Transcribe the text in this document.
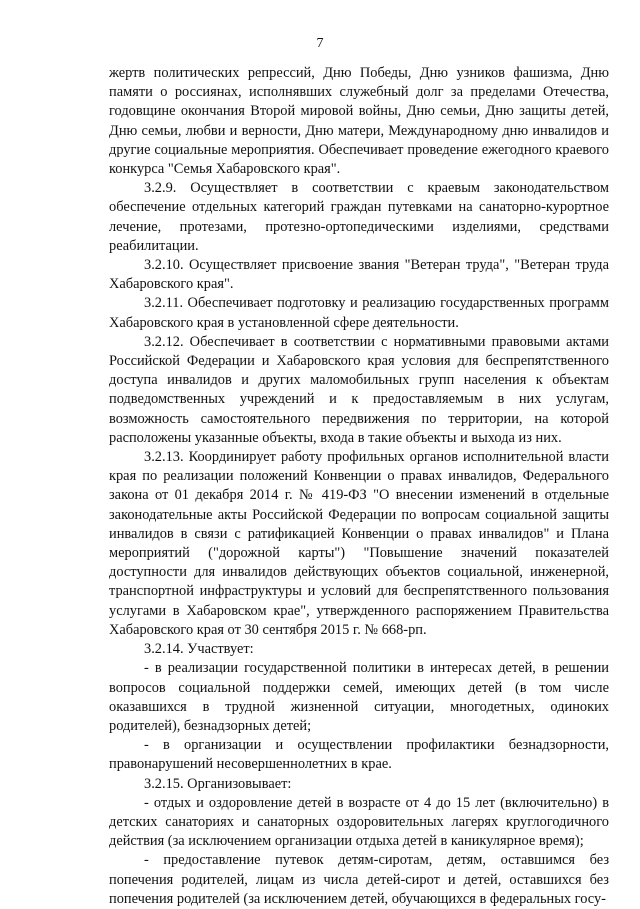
7

жертв политических репрессий, Дню Победы, Дню узников фашизма, Дню памяти о россиянах, исполнявших служебный долг за пределами Отечества, годовщине окончания Второй мировой войны, Дню семьи, Дню защиты детей, Дню семьи, любви и верности, Дню матери, Международному дню инвалидов и другие социальные мероприятия. Обеспечивает проведение ежегодного краевого конкурса "Семья Хабаровского края".

3.2.9. Осуществляет в соответствии с краевым законодательством обеспечение отдельных категорий граждан путевками на санаторно-курортное лечение, протезами, протезно-ортопедическими изделиями, средствами реабилитации.

3.2.10. Осуществляет присвоение звания "Ветеран труда", "Ветеран труда Хабаровского края".

3.2.11. Обеспечивает подготовку и реализацию государственных программ Хабаровского края в установленной сфере деятельности.

3.2.12. Обеспечивает в соответствии с нормативными правовыми актами Российской Федерации и Хабаровского края условия для беспрепятственного доступа инвалидов и других маломобильных групп населения к объектам подведомственных учреждений и к предоставляемым в них услугам, возможность самостоятельного передвижения по территории, на которой расположены указанные объекты, входа в такие объекты и выхода из них.

3.2.13. Координирует работу профильных органов исполнительной власти края по реализации положений Конвенции о правах инвалидов, Федерального закона от 01 декабря 2014 г. № 419-ФЗ "О внесении изменений в отдельные законодательные акты Российской Федерации по вопросам социальной защиты инвалидов в связи с ратификацией Конвенции о правах инвалидов" и Плана мероприятий ("дорожной карты") "Повышение значений показателей доступности для инвалидов действующих объектов социальной, инженерной, транспортной инфраструктуры и условий для беспрепятственного пользования услугами в Хабаровском крае", утвержденного распоряжением Правительства Хабаровского края от 30 сентября 2015 г. № 668-рп.

3.2.14. Участвует:

- в реализации государственной политики в интересах детей, в решении вопросов социальной поддержки семей, имеющих детей (в том числе оказавшихся в трудной жизненной ситуации, многодетных, одиноких родителей), безнадзорных детей;

- в организации и осуществлении профилактики безнадзорности, правонарушений несовершеннолетних в крае.

3.2.15. Организовывает:

- отдых и оздоровление детей в возрасте от 4 до 15 лет (включительно) в детских санаториях и санаторных оздоровительных лагерях круглогодичного действия (за исключением организации отдыха детей в каникулярное время);

- предоставление путевок детям-сиротам, детям, оставшимся без попечения родителей, лицам из числа детей-сирот и детей, оставшихся без попечения родителей (за исключением детей, обучающихся в федеральных госу-
